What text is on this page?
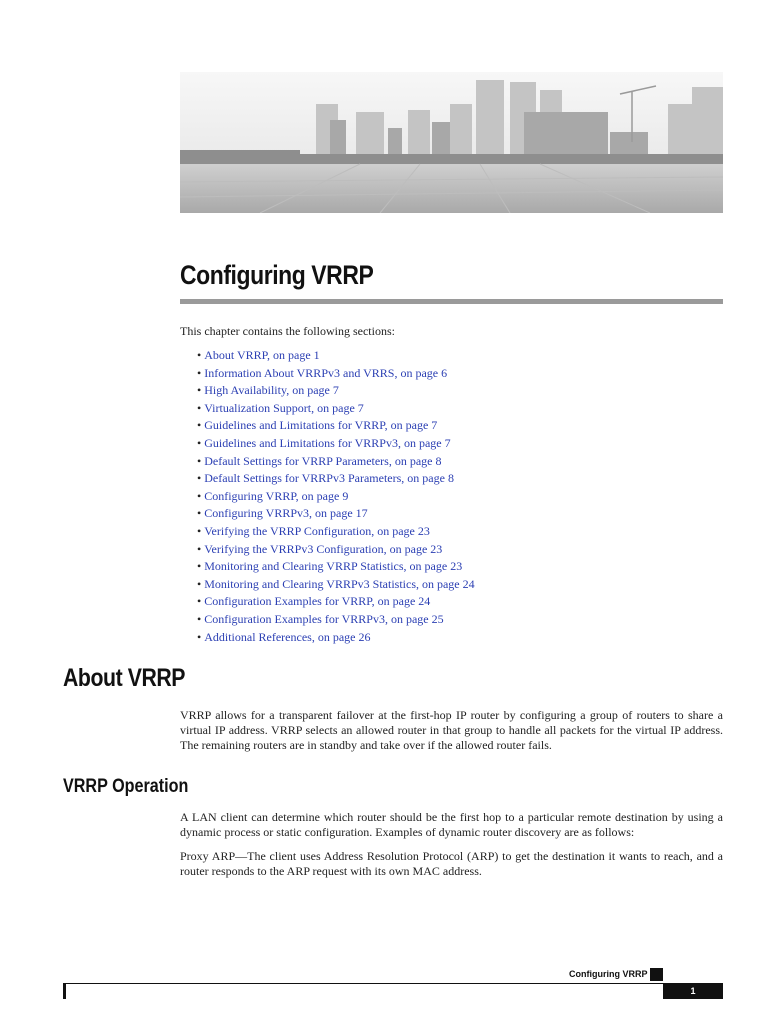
Configuring VRRP

This chapter contains the following sections:

• About VRRP, on page 1
• Information About VRRPv3 and VRRS, on page 6
• High Availability, on page 7
• Virtualization Support, on page 7
• Guidelines and Limitations for VRRP, on page 7
• Guidelines and Limitations for VRRPv3, on page 7
• Default Settings for VRRP Parameters, on page 8
• Default Settings for VRRPv3 Parameters, on page 8
• Configuring VRRP, on page 9
• Configuring VRRPv3, on page 17
• Verifying the VRRP Configuration, on page 23
• Verifying the VRRPv3 Configuration, on page 23
• Monitoring and Clearing VRRP Statistics, on page 23
• Monitoring and Clearing VRRPv3 Statistics, on page 24
• Configuration Examples for VRRP, on page 24
• Configuration Examples for VRRPv3, on page 25
• Additional References, on page 26
About VRRP

VRRP allows for a transparent failover at the first-hop IP router by configuring a group of routers to share a virtual IP address. VRRP selects an allowed router in that group to handle all packets for the virtual IP address. The remaining routers are in standby and take over if the allowed router fails.

VRRP Operation

A LAN client can determine which router should be the first hop to a particular remote destination by using a dynamic process or static configuration. Examples of dynamic router discovery are as follows:

Proxy ARP—The client uses Address Resolution Protocol (ARP) to get the destination it wants to reach, and a router responds to the ARP request with its own MAC address.

Configuring VRRP
1
